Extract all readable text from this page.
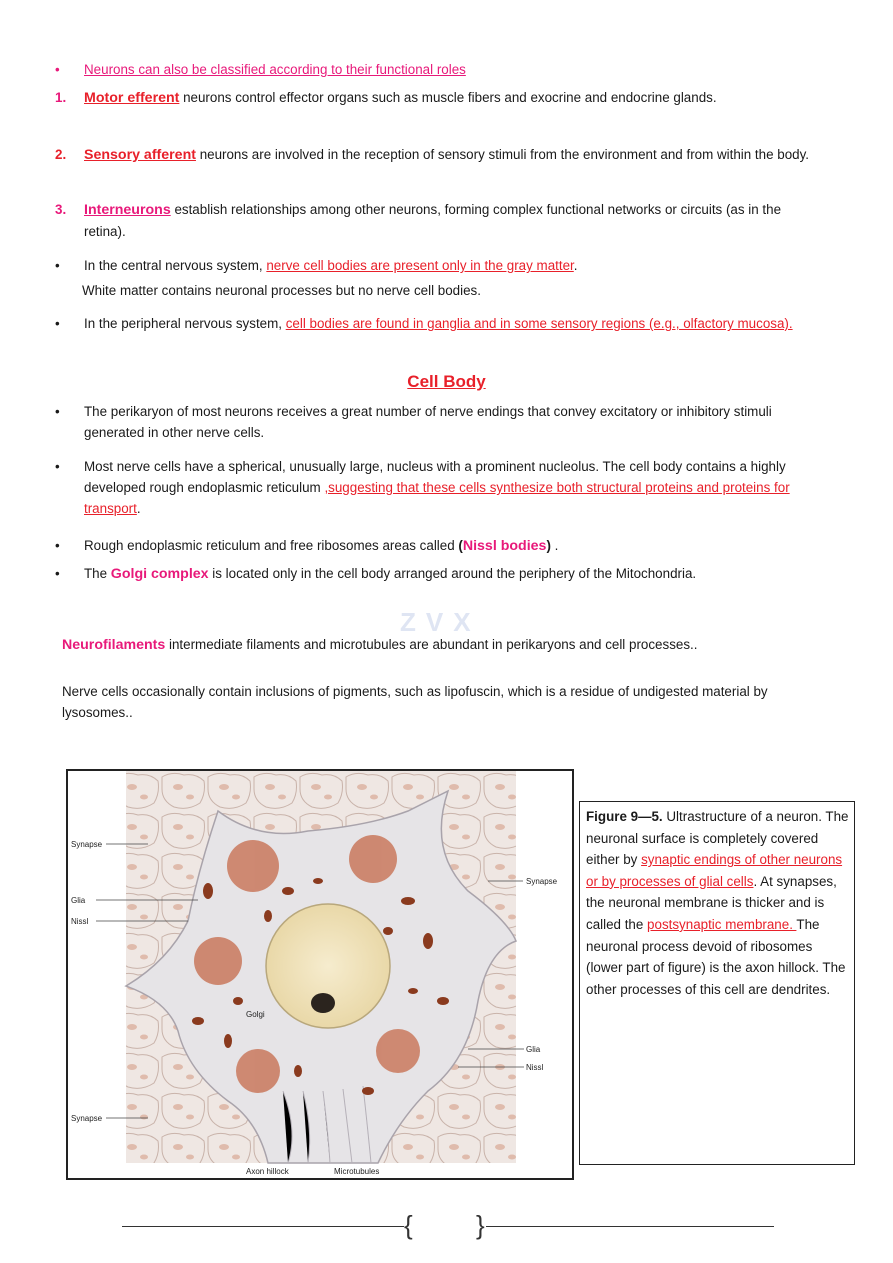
•	Neurons can also be classified according to their functional roles
1. Motor efferent neurons control effector organs such as muscle fibers and exocrine and endocrine glands.
2. Sensory afferent neurons are involved in the reception of sensory stimuli from the environment and from within the body.
3. Interneurons establish relationships among other neurons, forming complex functional networks or circuits (as in the retina).
•	In the central nervous system, nerve cell bodies are present only in the gray matter.
White matter contains neuronal processes but no nerve cell bodies.
•	In the peripheral nervous system, cell bodies are found in ganglia and in some sensory regions (e.g., olfactory mucosa).
Cell Body
•	The perikaryon of most neurons receives a great number of nerve endings that convey excitatory or inhibitory stimuli generated in other nerve cells.
•	Most nerve cells have a spherical, unusually large, nucleus with a prominent nucleolus. The cell body contains a highly developed rough endoplasmic reticulum ,suggesting that these cells synthesize both structural proteins and proteins for transport.
•	Rough endoplasmic reticulum and free ribosomes areas called (Nissl bodies) .
•	The Golgi complex is located only in the cell body arranged around the periphery of the Mitochondria.
ZVX
Neurofilaments intermediate filaments and microtubules are abundant in perikaryons and cell processes..
Nerve cells occasionally contain inclusions of pigments, such as lipofuscin, which is a residue of undigested material by lysosomes..
Synapse
Glia
Nissl
Synapse
Synapse
Glia
Nissl
Golgi
Axon hillock	Microtubules
Figure 9—5. Ultrastructure of a neuron. The neuronal surface is completely covered either by synaptic endings of other neurons or by processes of glial cells. At synapses, the neuronal membrane is thicker and is called the postsynaptic membrane. The neuronal process devoid of ribosomes (lower part of figure) is the axon hillock. The other processes of this cell are dendrites.
{ }
